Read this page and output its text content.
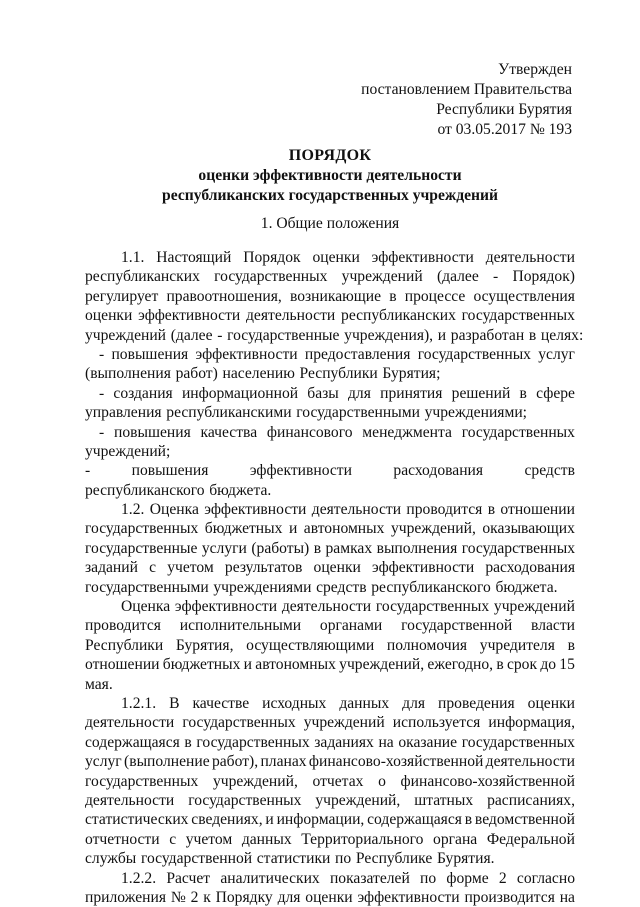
Утвержден
постановлением Правительства
Республики Бурятия
от 03.05.2017 № 193
ПОРЯДОК
оценки эффективности деятельности
республиканских государственных учреждений
1. Общие положения
1.1. Настоящий Порядок оценки эффективности деятельности
республиканских государственных учреждений (далее - Порядок)
регулирует правоотношения, возникающие в процессе осуществления
оценки эффективности деятельности республиканских государственных
учреждений (далее - государственные учреждения), и разработан в целях:
- повышения эффективности предоставления государственных услуг
(выполнения работ) населению Республики Бурятия;
- создания информационной базы для принятия решений в сфере
управления республиканскими государственными учреждениями;
- повышения качества финансового менеджмента государственных
учреждений;
-	повышения	эффективности	расходования	средств
республиканского бюджета.
1.2. Оценка эффективности деятельности проводится в отношении
государственных бюджетных и автономных учреждений, оказывающих
государственные услуги (работы) в рамках выполнения государственных
заданий с учетом результатов оценки эффективности расходования
государственными учреждениями средств республиканского бюджета.
Оценка эффективности деятельности государственных учреждений
проводится исполнительными органами государственной власти
Республики Бурятия, осуществляющими полномочия учредителя в
отношении бюджетных и автономных учреждений, ежегодно, в срок до 15
мая.
1.2.1. В качестве исходных данных для проведения оценки
деятельности государственных учреждений используется информация,
содержащаяся в государственных заданиях на оказание государственных
услуг (выполнение работ), планах финансово-хозяйственной деятельности
государственных учреждений, отчетах о финансово-хозяйственной
деятельности государственных учреждений, штатных расписаниях,
статистических сведениях, и информации, содержащаяся в ведомственной
отчетности с учетом данных Территориального органа Федеральной
службы государственной статистики по Республике Бурятия.
1.2.2. Расчет аналитических показателей по форме 2 согласно
приложения № 2 к Порядку для оценки эффективности производится на
